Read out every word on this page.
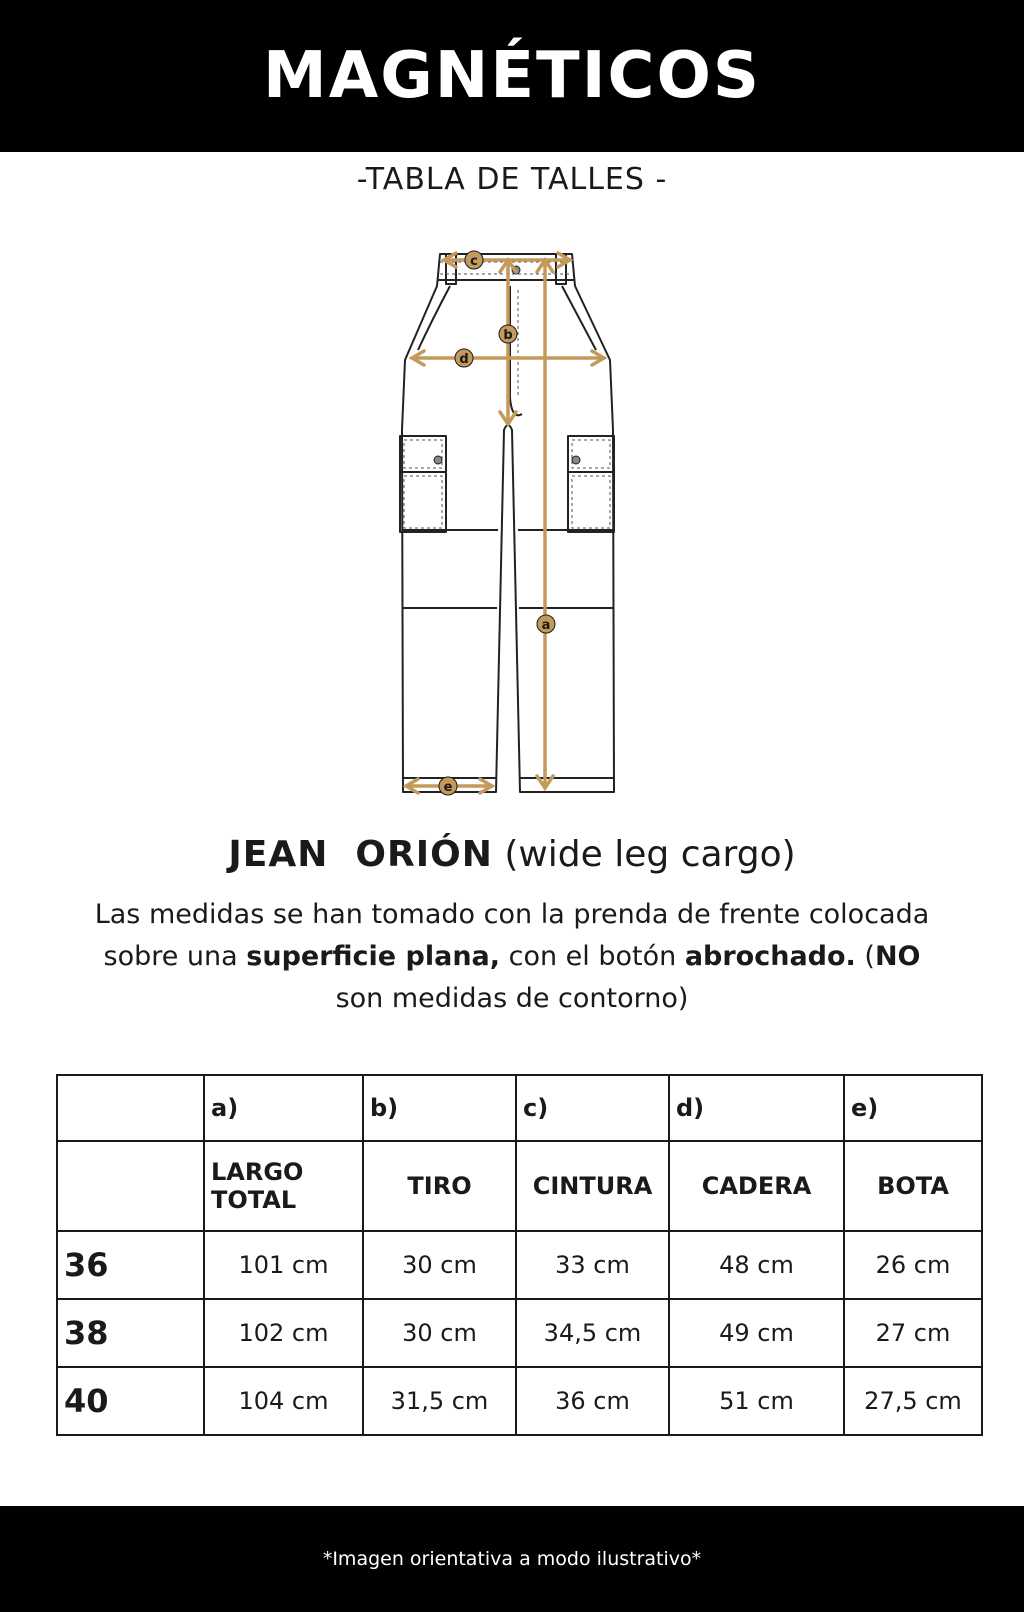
MAGNÉTICOS
-TABLA DE TALLES -
a
b
c
d
e
JEAN  ORIÓN (wide leg cargo)
Las medidas se han tomado con la prenda de frente colocada sobre una superficie plana, con el botón abrochado. (NO son medidas de contorno)
	a)	b)	c)	d)	e)
	LARGO TOTAL	TIRO	CINTURA	CADERA	BOTA
36	101 cm	30 cm	33 cm	48 cm	26 cm
38	102 cm	30 cm	34,5 cm	49 cm	27 cm
40	104 cm	31,5 cm	36 cm	51 cm	27,5 cm
*Imagen orientativa a modo ilustrativo*
